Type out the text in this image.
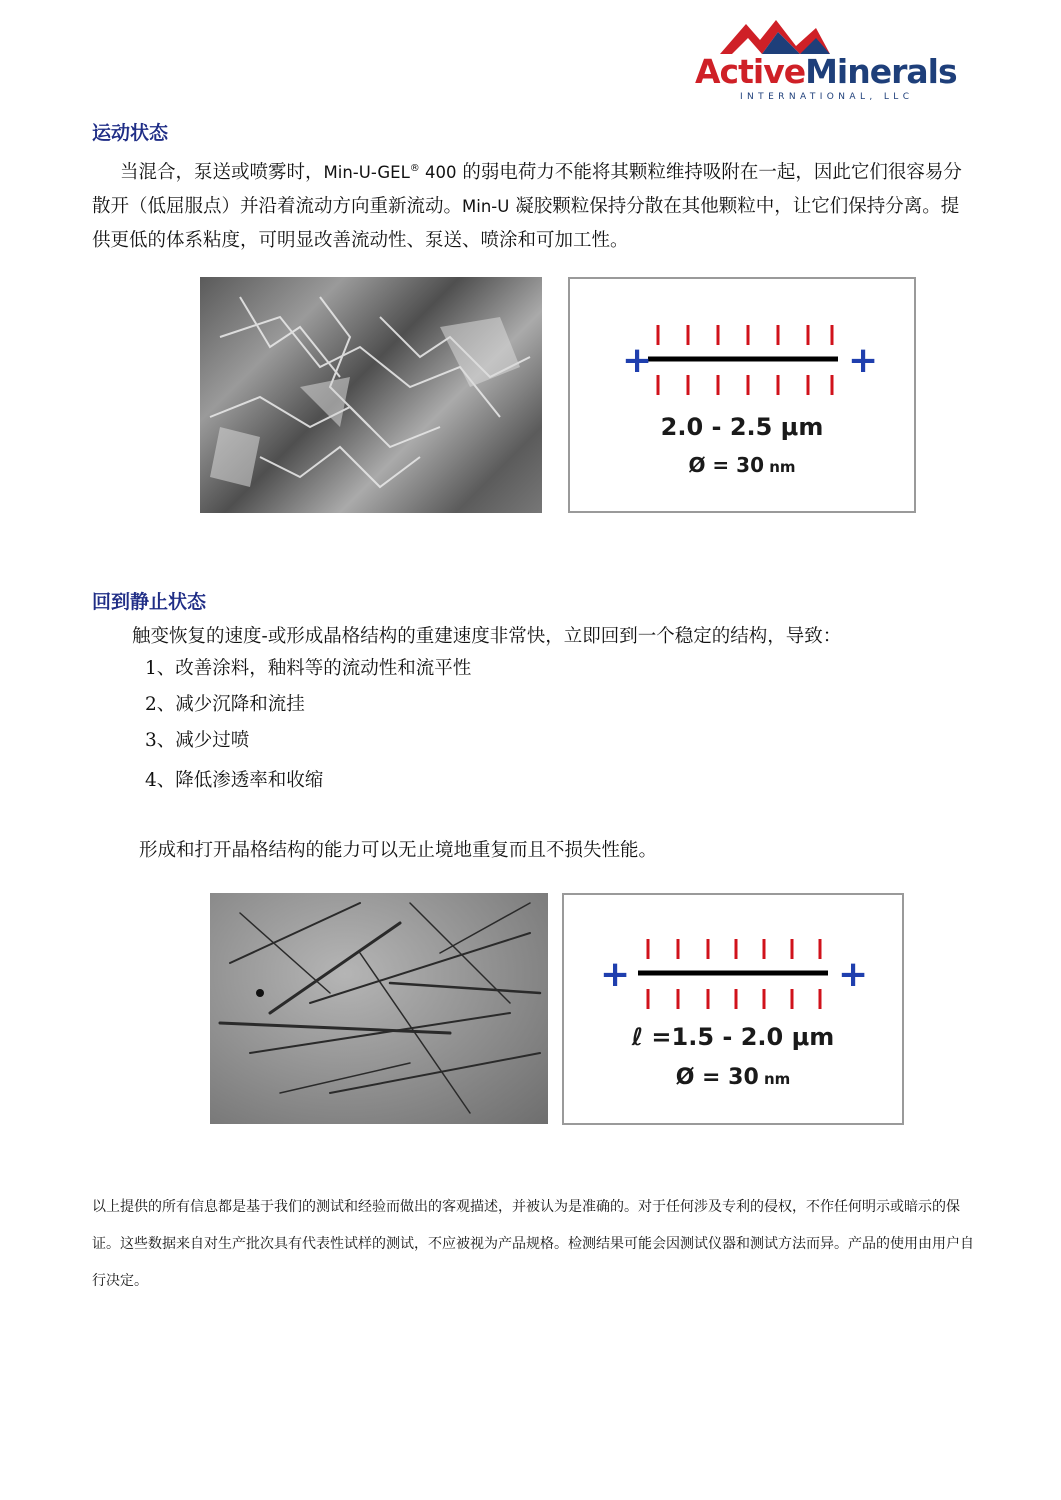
ActiveMinerals
INTERNATIONAL, LLC
运动状态
当混合，泵送或喷雾时，Min-U-GEL® 400 的弱电荷力不能将其颗粒维持吸附在一起，因此它们很容易分散开（低屈服点）并沿着流动方向重新流动。Min-U 凝胶颗粒保持分散在其他颗粒中，让它们保持分离。提供更低的体系粘度，可明显改善流动性、泵送、喷涂和可加工性。
+	+
2.0 - 2.5 μm
Ø = 30 nm
回到静止状态
触变恢复的速度-或形成晶格结构的重建速度非常快，立即回到一个稳定的结构，导致：
1、改善涂料，釉料等的流动性和流平性
2、减少沉降和流挂
3、减少过喷
4、降低渗透率和收缩
形成和打开晶格结构的能力可以无止境地重复而且不损失性能。
+	+
ℓ =1.5 - 2.0 μm
Ø = 30 nm
以上提供的所有信息都是基于我们的测试和经验而做出的客观描述，并被认为是准确的。对于任何涉及专利的侵权，不作任何明示或暗示的保证。这些数据来自对生产批次具有代表性试样的测试，不应被视为产品规格。检测结果可能会因测试仪器和测试方法而异。产品的使用由用户自行决定。
